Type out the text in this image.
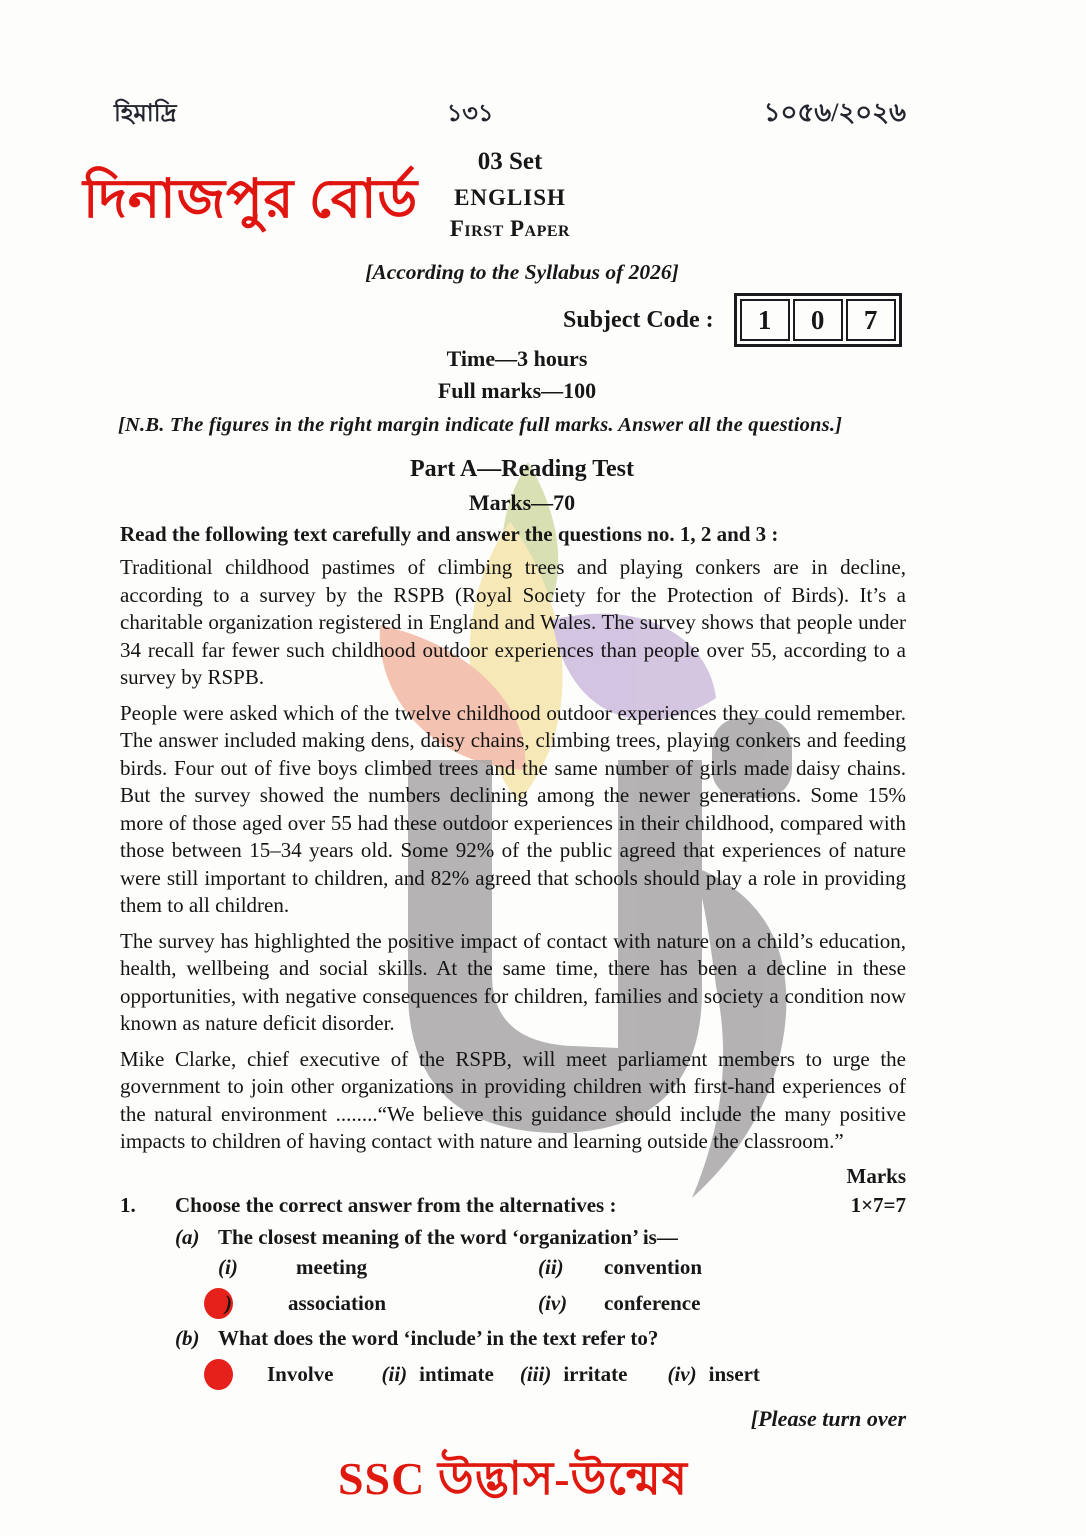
হিমাদ্রি	১৩১	১০৫৬/২০২৬
দিনাজপুর বোর্ড
03 Set
ENGLISH
First Paper
[According to the Syllabus of 2026]
Subject Code :	1	0	7
Time—3 hours
Full marks—100
[N.B. The figures in the right margin indicate full marks. Answer all the questions.]
Part A—Reading Test
Marks—70
Read the following text carefully and answer the questions no. 1, 2 and 3 :

Traditional childhood pastimes of climbing trees and playing conkers are in decline, according to a survey by the RSPB (Royal Society for the Protection of Birds). It’s a charitable organization registered in England and Wales. The survey shows that people under 34 recall far fewer such childhood outdoor experiences than people over 55, according to a survey by RSPB.

People were asked which of the twelve childhood outdoor experiences they could remember. The answer included making dens, daisy chains, climbing trees, playing conkers and feeding birds. Four out of five boys climbed trees and the same number of girls made daisy chains. But the survey showed the numbers declining among the newer generations. Some 15% more of those aged over 55 had these outdoor experiences in their childhood, compared with those between 15–34 years old. Some 92% of the public agreed that experiences of nature were still important to children, and 82% agreed that schools should play a role in providing them to all children.

The survey has highlighted the positive impact of contact with nature on a child’s education, health, wellbeing and social skills. At the same time, there has been a decline in these opportunities, with negative consequences for children, families and society a condition now known as nature deficit disorder.

Mike Clarke, chief executive of the RSPB, will meet parliament members to urge the government to join other organizations in providing children with first-hand experiences of the natural environment ........“We believe this guidance should include the many positive impacts to children of having contact with nature and learning outside the classroom.”

Marks
1.	Choose the correct answer from the alternatives :	1×7=7
(a) The closest meaning of the word ‘organization’ is—
(i)	meeting	(ii)	convention
)	association	(iv)	conference
(b) What does the word ‘include’ in the text refer to?
Involve (ii) intimate (iii) irritate (iv) insert
[Please turn over
SSC উদ্ভাস-উন্মেষ
